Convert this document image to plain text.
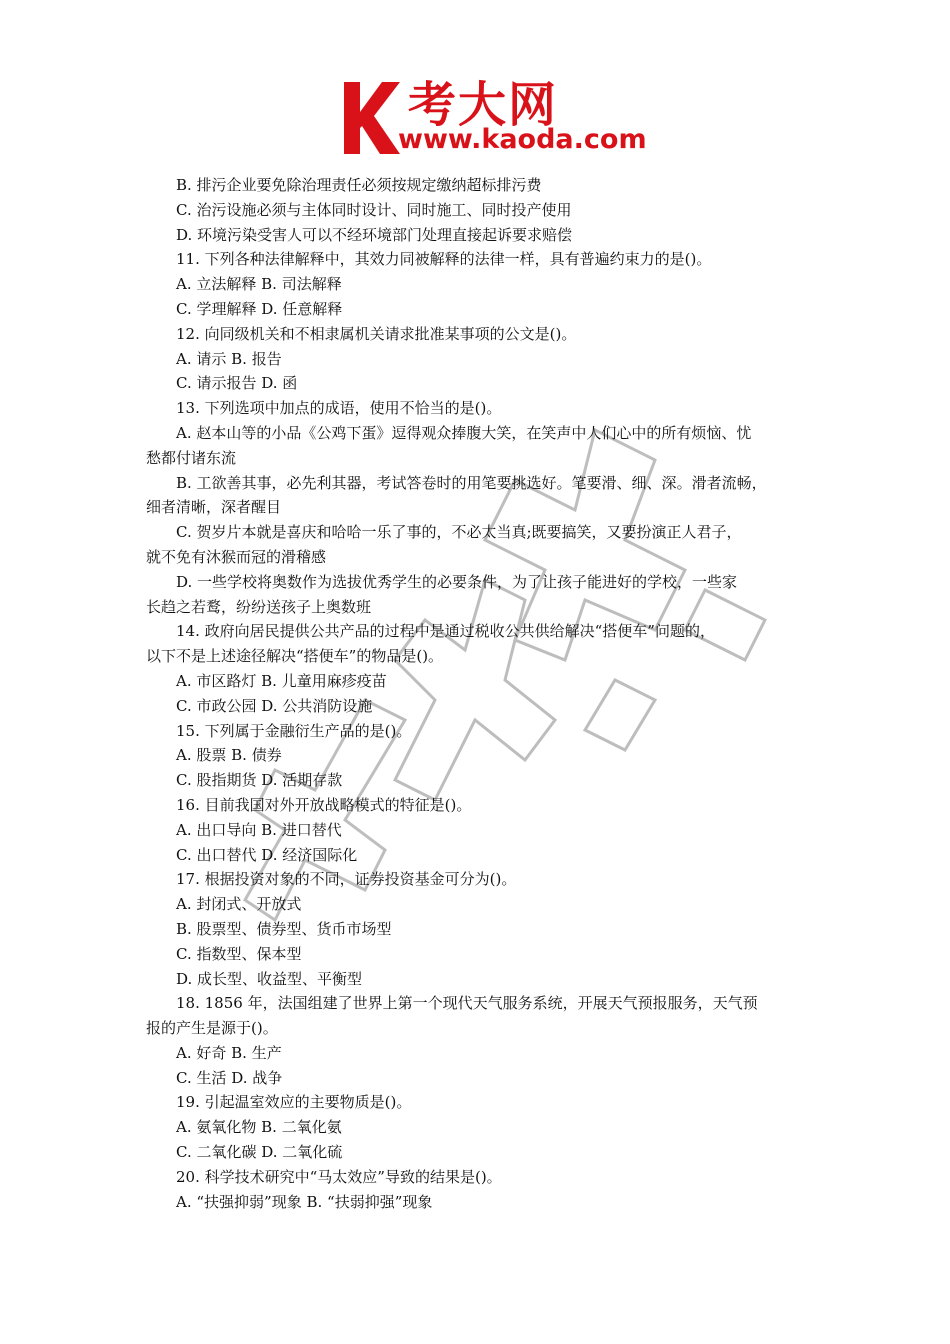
考大网
www.kaoda.com
B. 排污企业要免除治理责任必须按规定缴纳超标排污费
C. 治污设施必须与主体同时设计、同时施工、同时投产使用
D. 环境污染受害人可以不经环境部门处理直接起诉要求赔偿
11. 下列各种法律解释中，其效力同被解释的法律一样，具有普遍约束力的是()。
A. 立法解释 B. 司法解释
C. 学理解释 D. 任意解释
12. 向同级机关和不相隶属机关请求批准某事项的公文是()。
A. 请示 B. 报告
C. 请示报告 D. 函
13. 下列选项中加点的成语，使用不恰当的是()。
A. 赵本山等的小品《公鸡下蛋》逗得观众捧腹大笑，在笑声中人们心中的所有烦恼、忧
愁都付诸东流
B. 工欲善其事，必先利其器，考试答卷时的用笔要挑选好。笔要滑、细、深。滑者流畅，
细者清晰，深者醒目
C. 贺岁片本就是喜庆和哈哈一乐了事的，不必太当真;既要搞笑，又要扮演正人君子，
就不免有沐猴而冠的滑稽感
D. 一些学校将奥数作为选拔优秀学生的必要条件，为了让孩子能进好的学校，一些家
长趋之若鹜，纷纷送孩子上奥数班
14. 政府向居民提供公共产品的过程中是通过税收公共供给解决“搭便车”问题的，
以下不是上述途径解决“搭便车”的物品是()。
A. 市区路灯 B. 儿童用麻疹疫苗
C. 市政公园 D. 公共消防设施
15. 下列属于金融衍生产品的是()。
A. 股票 B. 债券
C. 股指期货 D. 活期存款
16. 目前我国对外开放战略模式的特征是()。
A. 出口导向 B. 进口替代
C. 出口替代 D. 经济国际化
17. 根据投资对象的不同，证券投资基金可分为()。
A. 封闭式、开放式
B. 股票型、债券型、货币市场型
C. 指数型、保本型
D. 成长型、收益型、平衡型
18. 1856 年，法国组建了世界上第一个现代天气服务系统，开展天气预报服务，天气预
报的产生是源于()。
A. 好奇 B. 生产
C. 生活 D. 战争
19. 引起温室效应的主要物质是()。
A. 氨氧化物 B. 二氧化氨
C. 二氧化碳 D. 二氧化硫
20. 科学技术研究中“马太效应”导致的结果是()。
A. “扶强抑弱”现象 B. “扶弱抑强”现象
